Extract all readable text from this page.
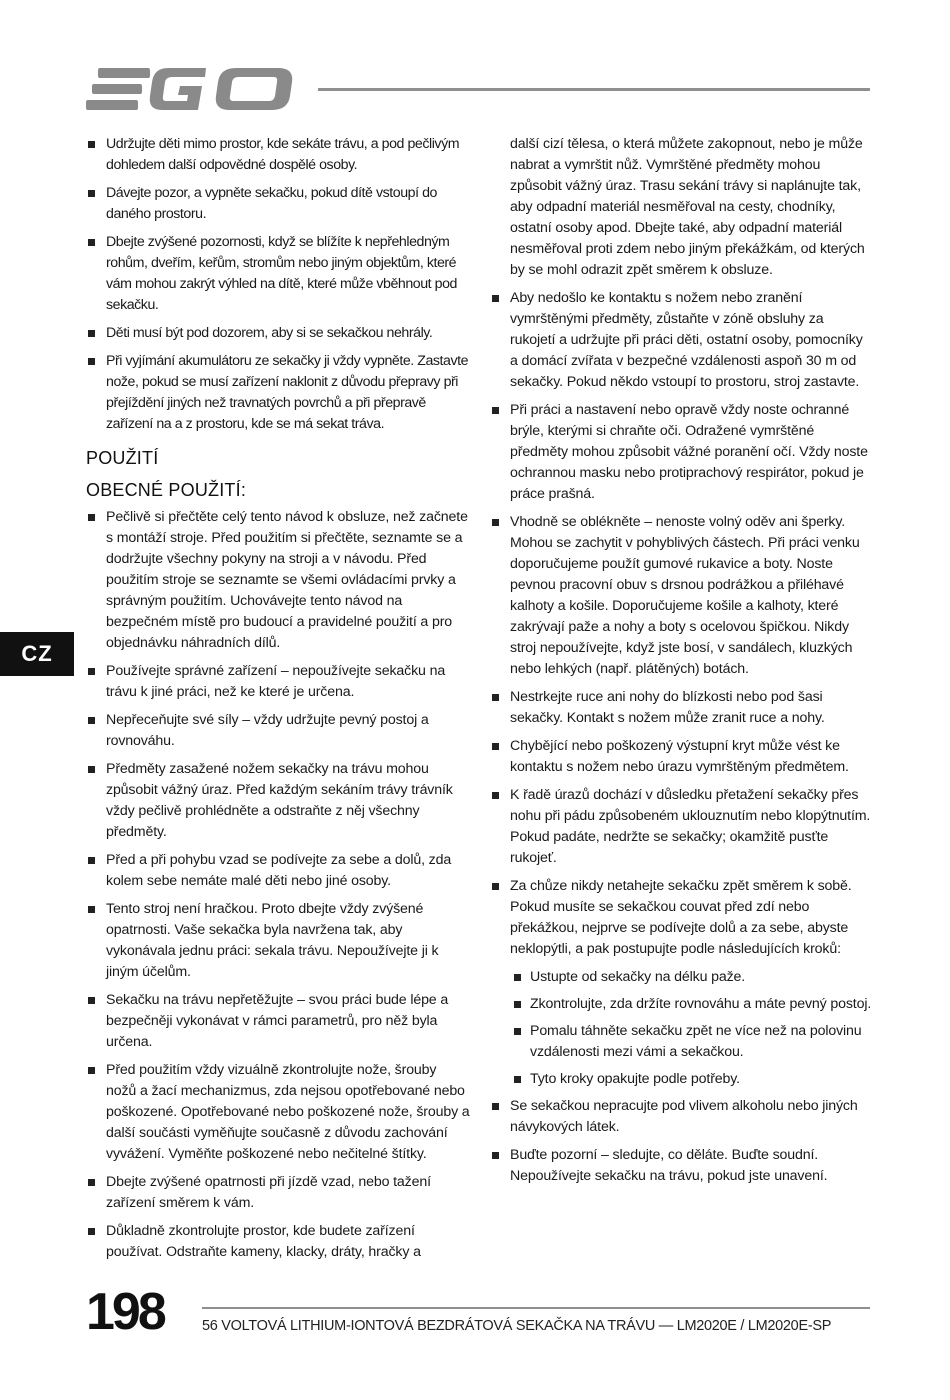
CZ
Udržujte děti mimo prostor, kde sekáte trávu, a pod pečlivým dohledem další odpovědné dospělé osoby.
Dávejte pozor, a vypněte sekačku, pokud dítě vstoupí do daného prostoru.
Dbejte zvýšené pozornosti, když se blížíte k nepřehledným rohům, dveřím, keřům, stromům nebo jiným objektům, které vám mohou zakrýt výhled na dítě, které může vběhnout pod sekačku.
Děti musí být pod dozorem, aby si se sekačkou nehrály.
Při vyjímání akumulátoru ze sekačky ji vždy vypněte. Zastavte nože, pokud se musí zařízení naklonit z důvodu přepravy při přejíždění jiných než travnatých povrchů a při přepravě zařízení na a z prostoru, kde se má sekat tráva.
POUŽITÍ
OBECNÉ POUŽITÍ:
Pečlivě si přečtěte celý tento návod k obsluze, než začnete s montáží stroje. Před použitím si přečtěte, seznamte se a dodržujte všechny pokyny na stroji a v návodu. Před použitím stroje se seznamte se všemi ovládacími prvky a správným použitím. Uchovávejte tento návod na bezpečném místě pro budoucí a pravidelné použití a pro objednávku náhradních dílů.
Používejte správné zařízení – nepoužívejte sekačku na trávu k jiné práci, než ke které je určena.
Nepřeceňujte své síly – vždy udržujte pevný postoj a rovnováhu.
Předměty zasažené nožem sekačky na trávu mohou způsobit vážný úraz. Před každým sekáním trávy trávník vždy pečlivě prohlédněte a odstraňte z něj všechny předměty.
Před a při pohybu vzad se podívejte za sebe a dolů, zda kolem sebe nemáte malé děti nebo jiné osoby.
Tento stroj není hračkou. Proto dbejte vždy zvýšené opatrnosti. Vaše sekačka byla navržena tak, aby vykonávala jednu práci: sekala trávu. Nepoužívejte ji k jiným účelům.
Sekačku na trávu nepřetěžujte – svou práci bude lépe a bezpečněji vykonávat v rámci parametrů, pro něž byla určena.
Před použitím vždy vizuálně zkontrolujte nože, šrouby nožů a žací mechanizmus, zda nejsou opotřebované nebo poškozené. Opotřebované nebo poškozené nože, šrouby a další součásti vyměňujte současně z důvodu zachování vyvážení. Vyměňte poškozené nebo nečitelné štítky.
Dbejte zvýšené opatrnosti při jízdě vzad, nebo tažení zařízení směrem k vám.
Důkladně zkontrolujte prostor, kde budete zařízení používat. Odstraňte kameny, klacky, dráty, hračky a

další cizí tělesa, o která můžete zakopnout, nebo je může nabrat a vymrštit nůž. Vymrštěné předměty mohou způsobit vážný úraz. Trasu sekání trávy si naplánujte tak, aby odpadní materiál nesměřoval na cesty, chodníky, ostatní osoby apod. Dbejte také, aby odpadní materiál nesměřoval proti zdem nebo jiným překážkám, od kterých by se mohl odrazit zpět směrem k obsluze.

Aby nedošlo ke kontaktu s nožem nebo zranění vymrštěnými předměty, zůstaňte v zóně obsluhy za rukojetí a udržujte při práci děti, ostatní osoby, pomocníky a domácí zvířata v bezpečné vzdálenosti aspoň 30 m od sekačky. Pokud někdo vstoupí to prostoru, stroj zastavte.
Při práci a nastavení nebo opravě vždy noste ochranné brýle, kterými si chraňte oči. Odražené vymrštěné předměty mohou způsobit vážné poranění očí. Vždy noste ochrannou masku nebo protiprachový respirátor, pokud je práce prašná.
Vhodně se oblékněte – nenoste volný oděv ani šperky. Mohou se zachytit v pohyblivých částech. Při práci venku doporučujeme použít gumové rukavice a boty. Noste pevnou pracovní obuv s drsnou podrážkou a přiléhavé kalhoty a košile. Doporučujeme košile a kalhoty, které zakrývají paže a nohy a boty s ocelovou špičkou. Nikdy stroj nepoužívejte, když jste bosí, v sandálech, kluzkých nebo lehkých (např. plátěných) botách.
Nestrkejte ruce ani nohy do blízkosti nebo pod šasi sekačky. Kontakt s nožem může zranit ruce a nohy.
Chybějící nebo poškozený výstupní kryt může vést ke kontaktu s nožem nebo úrazu vymrštěným předmětem.
K řadě úrazů dochází v důsledku přetažení sekačky přes nohu při pádu způsobeném uklouznutím nebo klopýtnutím. Pokud padáte, nedržte se sekačky; okamžitě pusťte rukojeť.
Za chůze nikdy netahejte sekačku zpět směrem k sobě. Pokud musíte se sekačkou couvat před zdí nebo překážkou, nejprve se podívejte dolů a za sebe, abyste neklopýtli, a pak postupujte podle následujících kroků:
Ustupte od sekačky na délku paže.
Zkontrolujte, zda držíte rovnováhu a máte pevný postoj.
Pomalu táhněte sekačku zpět ne více než na polovinu vzdálenosti mezi vámi a sekačkou.
Tyto kroky opakujte podle potřeby.
Se sekačkou nepracujte pod vlivem alkoholu nebo jiných návykových látek.
Buďte pozorní – sledujte, co děláte. Buďte soudní. Nepoužívejte sekačku na trávu, pokud jste unavení.
198	56 VOLTOVÁ LITHIUM-IONTOVÁ BEZDRÁTOVÁ SEKAČKA NA TRÁVU — LM2020E / LM2020E-SP
